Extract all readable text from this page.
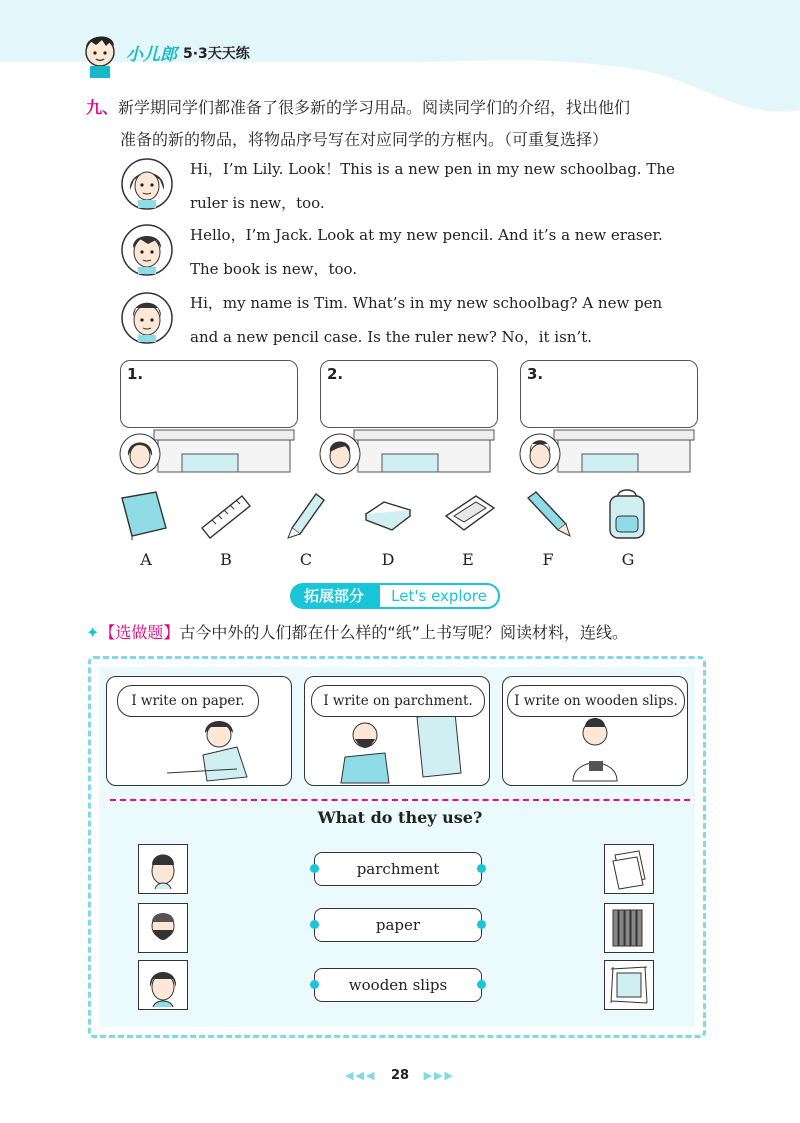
小儿郎 5·3天天练
九、新学期同学们都准备了很多新的学习用品。阅读同学们的介绍，找出他们
准备的新的物品，将物品序号写在对应同学的方框内。（可重复选择）

Hi，I’m Lily. Look！This is a new pen in my new schoolbag. The

ruler is new，too.

Hello，I’m Jack. Look at my new pencil. And it’s a new eraser.

The book is new，too.

Hi，my name is Tim. What’s in my new schoolbag? A new pen

and a new pencil case. Is the ruler new? No，it isn’t.

1.	2.	3.
A	B	C	D	E	F	G
拓展部分	Let's explore
✦【选做题】古今中外的人们都在什么样的“纸”上书写呢？阅读材料，连线。
I write on paper.	I write on parchment.	I write on wooden slips.
What do they use?
parchment
paper
wooden slips
◀◀◀ 28 ▶▶▶
